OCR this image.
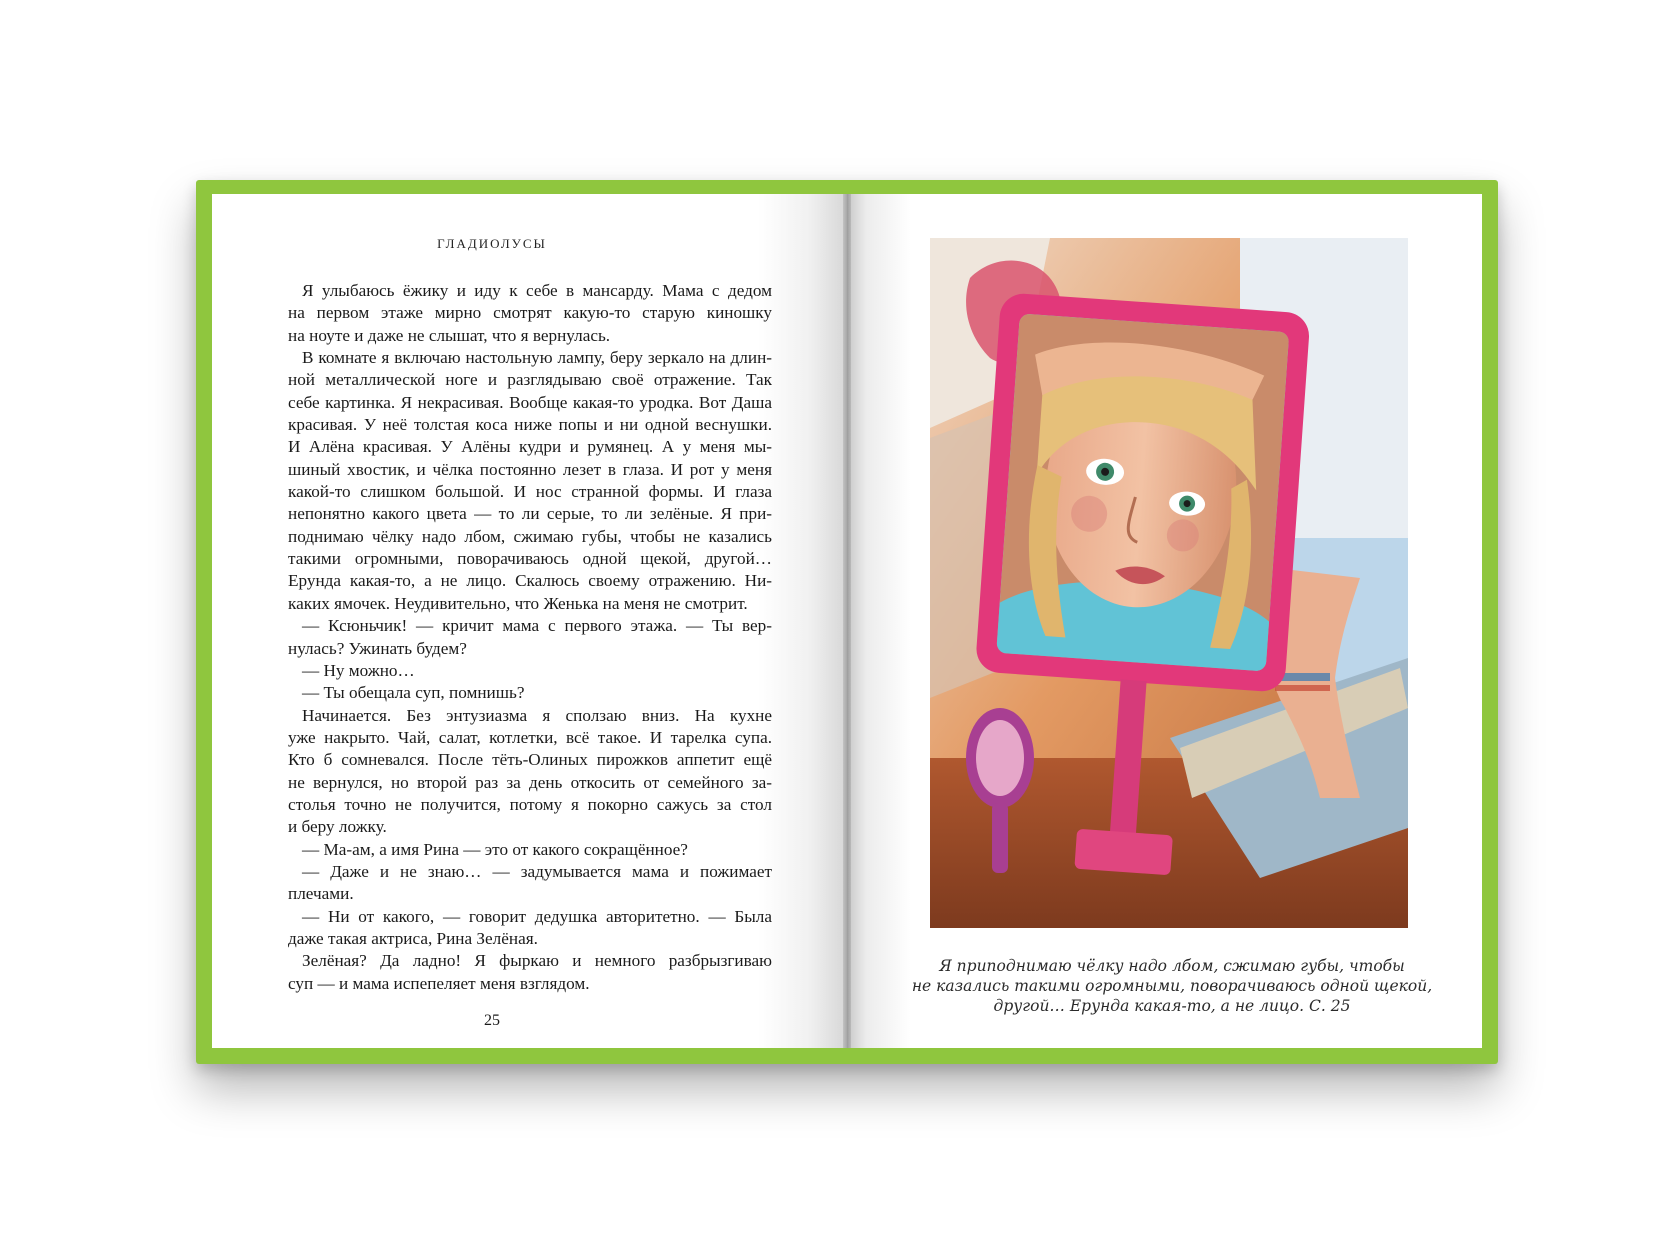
ГЛАДИОЛУСЫ
Я улыбаюсь ёжику и иду к себе в мансарду. Мама с дедом
на первом этаже мирно смотрят какую-то старую киношку
на ноуте и даже не слышат, что я вернулась.
В комнате я включаю настольную лампу, беру зеркало на длин-
ной металлической ноге и разглядываю своё отражение. Так
себе картинка. Я некрасивая. Вообще какая-то уродка. Вот Даша
красивая. У неё толстая коса ниже попы и ни одной веснушки.
И Алёна красивая. У Алёны кудри и румянец. А у меня мы-
шиный хвостик, и чёлка постоянно лезет в глаза. И рот у меня
какой-то слишком большой. И нос странной формы. И глаза
непонятно какого цвета — то ли серые, то ли зелёные. Я при-
поднимаю чёлку надо лбом, сжимаю губы, чтобы не казались
такими огромными, поворачиваюсь одной щекой, другой…
Ерунда какая-то, а не лицо. Скалюсь своему отражению. Ни-
каких ямочек. Неудивительно, что Женька на меня не смотрит.
— Ксюньчик! — кричит мама с первого этажа. — Ты вер-
нулась? Ужинать будем?
— Ну можно…
— Ты обещала суп, помнишь?
Начинается. Без энтузиазма я сползаю вниз. На кухне
уже накрыто. Чай, салат, котлетки, всё такое. И тарелка супа.
Кто б сомневался. После тёть-Олиных пирожков аппетит ещё
не вернулся, но второй раз за день откосить от семейного за-
столья точно не получится, потому я покорно сажусь за стол
и беру ложку.
— Ма-ам, а имя Рина — это от какого сокращённое?
— Даже и не знаю… — задумывается мама и пожимает
плечами.
— Ни от какого, — говорит дедушка авторитетно. — Была
даже такая актриса, Рина Зелёная.
Зелёная? Да ладно! Я фыркаю и немного разбрызгиваю
суп — и мама испепеляет меня взглядом.
25
Я приподнимаю чёлку надо лбом, сжимаю губы, чтобы
не казались такими огромными, поворачиваюсь одной щекой,
другой… Ерунда какая-то, а не лицо. С. 25
